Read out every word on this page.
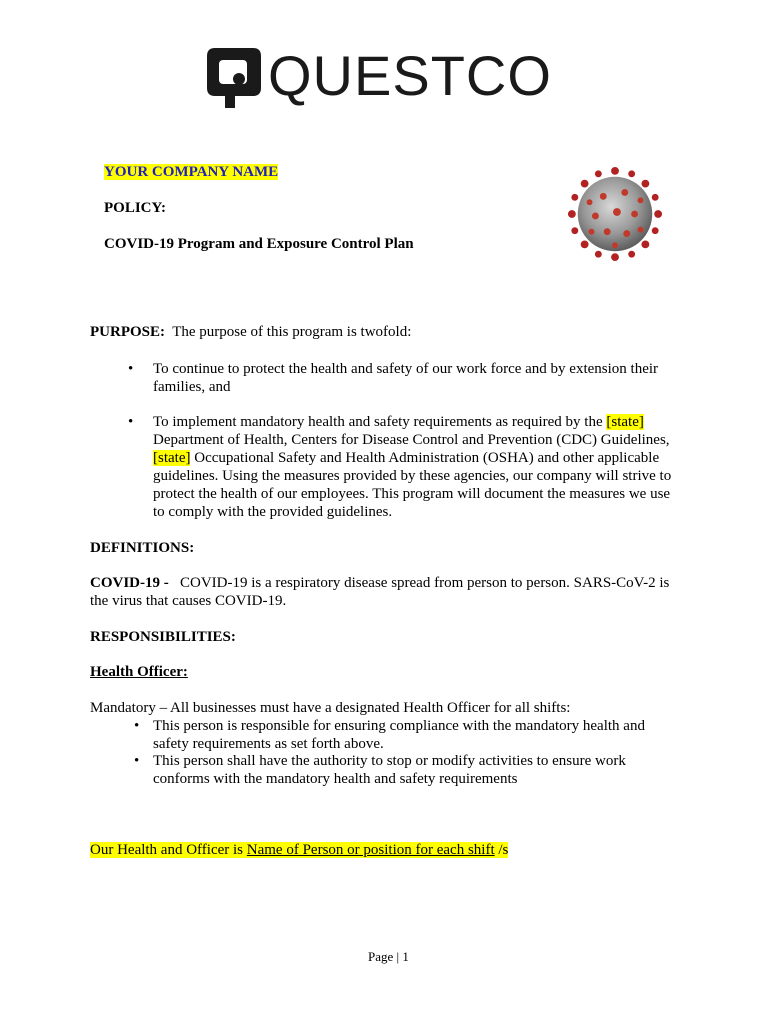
QUESTCO
YOUR COMPANY NAME
POLICY:
COVID-19 Program and Exposure Control Plan
PURPOSE: The purpose of this program is twofold:
• To continue to protect the health and safety of our work force and by extension their
families, and
• To implement mandatory health and safety requirements as required by the [state]
Department of Health, Centers for Disease Control and Prevention (CDC) Guidelines,
[state] Occupational Safety and Health Administration (OSHA) and other applicable
guidelines. Using the measures provided by these agencies, our company will strive to
protect the health of our employees. This program will document the measures we use
to comply with the provided guidelines.
DEFINITIONS:
COVID-19 - COVID-19 is a respiratory disease spread from person to person. SARS-CoV-2 is
the virus that causes COVID-19.
RESPONSIBILITIES:
Health Officer:
Mandatory – All businesses must have a designated Health Officer for all shifts:
• This person is responsible for ensuring compliance with the mandatory health and
safety requirements as set forth above.
• This person shall have the authority to stop or modify activities to ensure work
conforms with the mandatory health and safety requirements
Our Health and Officer is Name of Person or position for each shift /s
Page | 1
